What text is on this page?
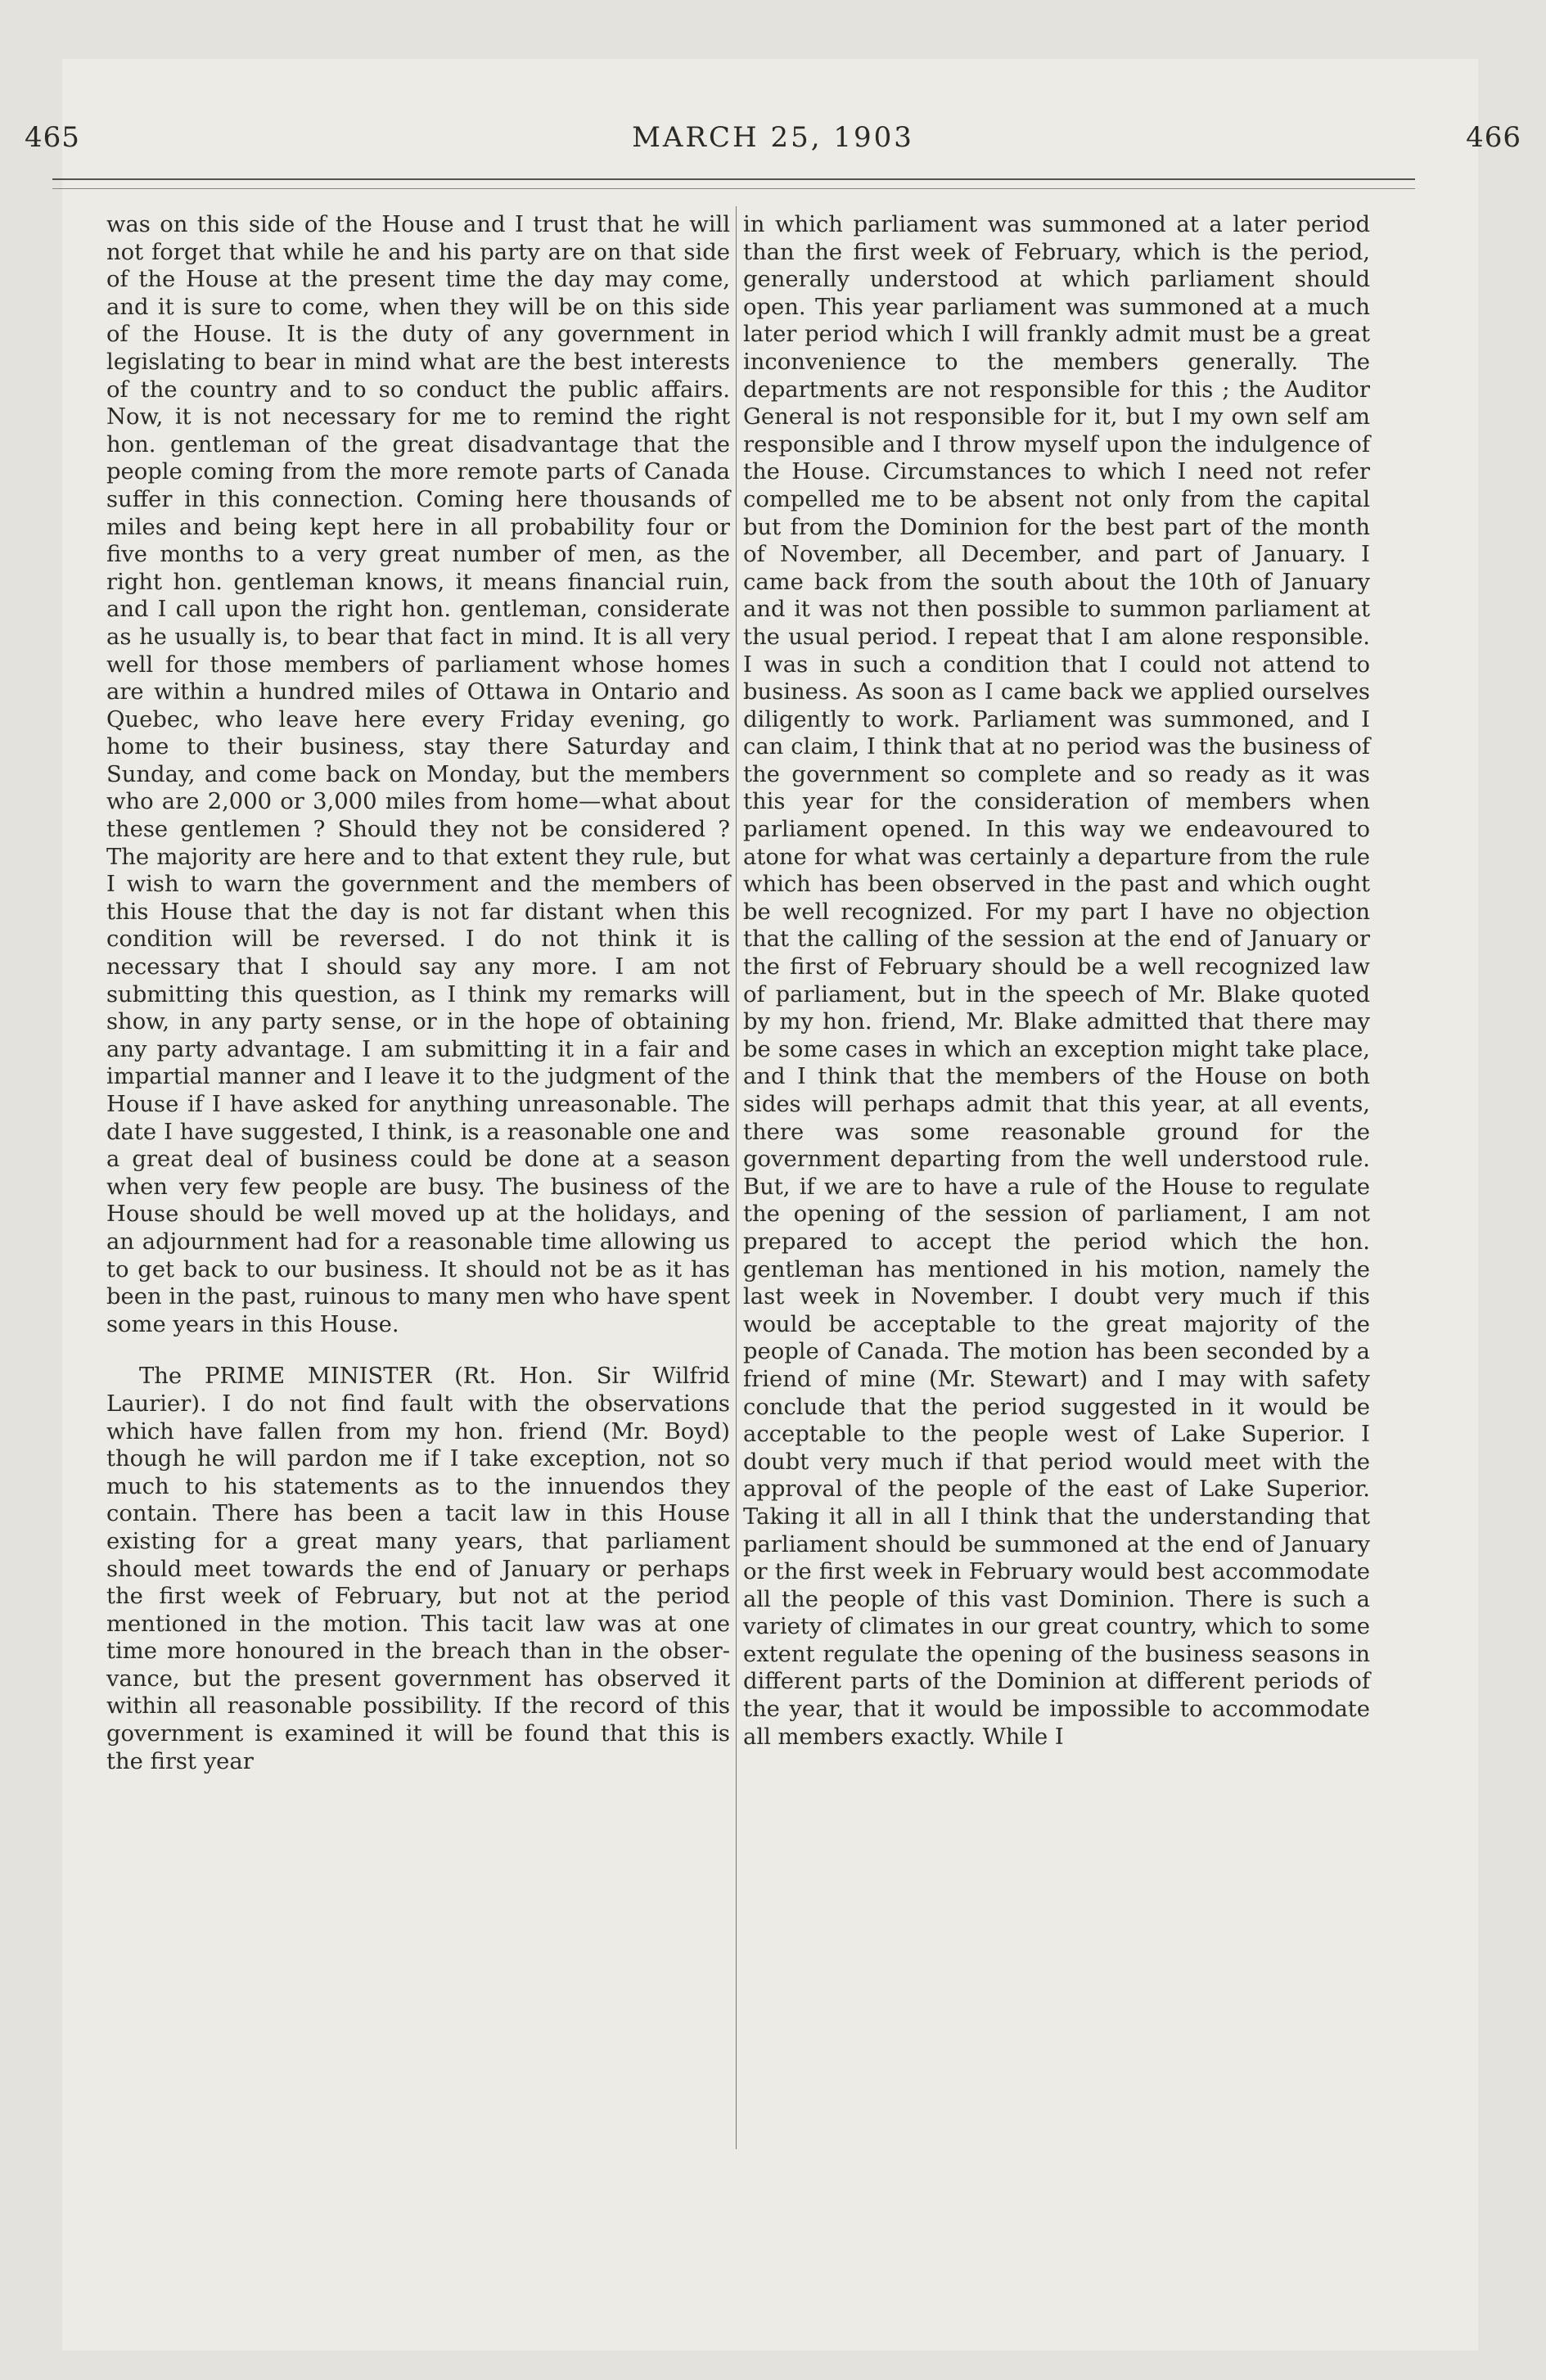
465	MARCH 25, 1903	466

was on this side of the House and I trust that he will not forget that while he and his party are on that side of the House at the present time the day may come, and it is sure to come, when they will be on this side of the House. It is the duty of any government in legislating to bear in mind what are the best interests of the country and to so conduct the public affairs. Now, it is not necessary for me to remind the right hon. gentleman of the great disadvantage that the people coming from the more remote parts of Canada suffer in this connection. Coming here thousands of miles and being kept here in all probability four or five months to a very great number of men, as the right hon. gentleman knows, it means financial ruin, and I call upon the right hon. gentleman, considerate as he usually is, to bear that fact in mind. It is all very well for those members of parliament whose homes are within a hundred miles of Ottawa in Ontario and Quebec, who leave here every Friday evening, go home to their business, stay there Saturday and Sunday, and come back on Monday, but the members who are 2,000 or 3,000 miles from home—what about these gentlemen ? Should they not be considered ? The majority are here and to that extent they rule, but I wish to warn the government and the members of this House that the day is not far distant when this condition will be reversed. I do not think it is necessary that I should say any more. I am not submitting this question, as I think my remarks will show, in any party sense, or in the hope of obtaining any party advantage. I am submitting it in a fair and impartial manner and I leave it to the judgment of the House if I have asked for anything unreasonable. The date I have suggested, I think, is a reasonable one and a great deal of business could be done at a season when very few people are busy. The business of the House should be well moved up at the holidays, and an adjournment had for a reasonable time allowing us to get back to our business. It should not be as it has been in the past, ruinous to many men who have spent some years in this House.

The PRIME MINISTER (Rt. Hon. Sir Wilfrid Laurier). I do not find fault with the observations which have fallen from my hon. friend (Mr. Boyd) though he will pardon me if I take exception, not so much to his statements as to the innuendos they contain. There has been a tacit law in this House existing for a great many years, that parliament should meet towards the end of January or perhaps the first week of February, but not at the period mentioned in the motion. This tacit law was at one time more honoured in the breach than in the observance, but the present government has observed it within all reasonable possibility. If the record of this government is examined it will be found that this is the first year

in which parliament was summoned at a later period than the first week of February, which is the period, generally understood at which parliament should open. This year parliament was summoned at a much later period which I will frankly admit must be a great inconvenience to the members generally. The departments are not responsible for this ; the Auditor General is not responsible for it, but I my own self am responsible and I throw myself upon the indulgence of the House. Circumstances to which I need not refer compelled me to be absent not only from the capital but from the Dominion for the best part of the month of November, all December, and part of January. I came back from the south about the 10th of January and it was not then possible to summon parliament at the usual period. I repeat that I am alone responsible. I was in such a condition that I could not attend to business. As soon as I came back we applied ourselves diligently to work. Parliament was summoned, and I can claim, I think that at no period was the business of the government so complete and so ready as it was this year for the consideration of members when parliament opened. In this way we endeavoured to atone for what was certainly a departure from the rule which has been observed in the past and which ought be well recognized. For my part I have no objection that the calling of the session at the end of January or the first of February should be a well recognized law of parliament, but in the speech of Mr. Blake quoted by my hon. friend, Mr. Blake admitted that there may be some cases in which an exception might take place, and I think that the members of the House on both sides will perhaps admit that this year, at all events, there was some reasonable ground for the government departing from the well understood rule. But, if we are to have a rule of the House to regulate the opening of the session of parliament, I am not prepared to accept the period which the hon. gentleman has mentioned in his motion, namely the last week in November. I doubt very much if this would be acceptable to the great majority of the people of Canada. The motion has been seconded by a friend of mine (Mr. Stewart) and I may with safety conclude that the period suggested in it would be acceptable to the people west of Lake Superior. I doubt very much if that period would meet with the approval of the people of the east of Lake Superior. Taking it all in all I think that the understanding that parliament should be summoned at the end of January or the first week in February would best accommodate all the people of this vast Dominion. There is such a variety of climates in our great country, which to some extent regulate the opening of the business seasons in different parts of the Dominion at different periods of the year, that it would be impossible to accommodate all members exactly. While I
